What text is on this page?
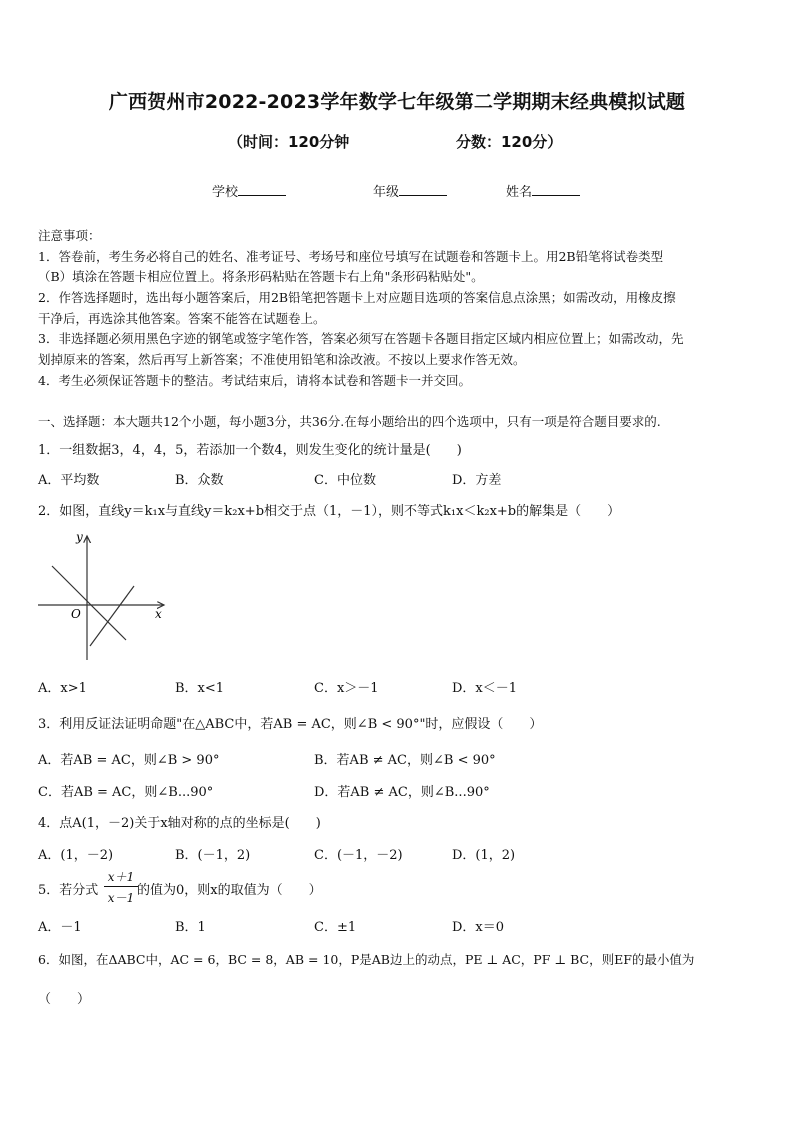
广西贺州市2022-2023学年数学七年级第二学期期末经典模拟试题
（时间：120分钟	分数：120分）
学校	年级	姓名
注意事项：
1．答卷前，考生务必将自己的姓名、准考证号、考场号和座位号填写在试题卷和答题卡上。用2B铅笔将试卷类型
（B）填涂在答题卡相应位置上。将条形码粘贴在答题卡右上角"条形码粘贴处"。
2．作答选择题时，选出每小题答案后，用2B铅笔把答题卡上对应题目选项的答案信息点涂黑；如需改动，用橡皮擦
干净后，再选涂其他答案。答案不能答在试题卷上。
3．非选择题必须用黑色字迹的钢笔或签字笔作答，答案必须写在答题卡各题目指定区域内相应位置上；如需改动，先
划掉原来的答案，然后再写上新答案；不准使用铅笔和涂改液。不按以上要求作答无效。
4．考生必须保证答题卡的整洁。考试结束后，请将本试卷和答题卡一并交回。
一、选择题：本大题共12个小题，每小题3分，共36分.在每小题给出的四个选项中，只有一项是符合题目要求的.
1．一组数据3，4，4，5，若添加一个数4，则发生变化的统计量是(　　)
A．平均数	B．众数	C．中位数	D．方差
2．如图，直线y＝k₁x与直线y＝k₂x+b相交于点（1，－1），则不等式k₁x＜k₂x+b的解集是（　　）
y
x
O
A．x>1	B．x<1	C．x＞－1	D．x＜－1
3．利用反证法证明命题"在△ABC中，若AB = AC，则∠B < 90°"时，应假设（　　）
A．若AB = AC，则∠B > 90°	B．若AB ≠ AC，则∠B < 90°
C．若AB = AC，则∠B...90°	D．若AB ≠ AC，则∠B...90°
4．点A(1，－2)关于x轴对称的点的坐标是(　　)
A．(1，－2)	B．(－1，2)	C．(－1，－2)	D．(1，2)
5．若分式 $\frac{x+1}{x-1}$ 的值为0，则x的取值为（　　）
A．－1	B．1	C．±1	D．x＝0
6．如图，在ΔABC中，AC = 6，BC = 8，AB = 10，P是AB边上的动点，PE ⊥ AC，PF ⊥ BC，则EF的最小值为
（　　）
